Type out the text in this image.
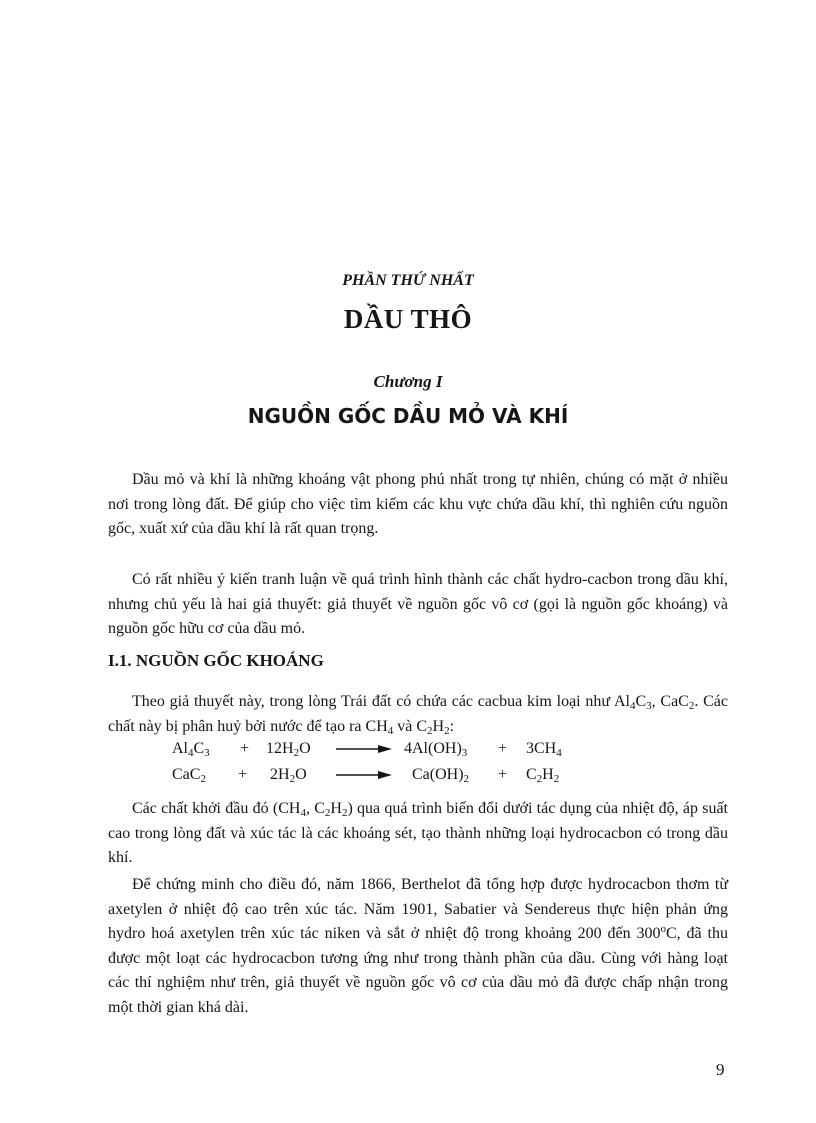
PHẦN THỨ NHẤT
DẦU THÔ
Chương I
NGUỒN GỐC DẦU MỎ VÀ KHÍ

Dầu mỏ và khí là những khoáng vật phong phú nhất trong tự nhiên, chúng có mặt ở nhiều nơi trong lòng đất. Để giúp cho việc tìm kiếm các khu vực chứa dầu khí, thì nghiên cứu nguồn gốc, xuất xứ của dầu khí là rất quan trọng.

Có rất nhiều ý kiến tranh luận về quá trình hình thành các chất hydro-cacbon trong dầu khí, nhưng chủ yếu là hai giả thuyết: giả thuyết về nguồn gốc vô cơ (gọi là nguồn gốc khoáng) và nguồn gốc hữu cơ của dầu mỏ.

I.1. NGUỒN GỐC KHOÁNG

Theo giả thuyết này, trong lòng Trái đất có chứa các cacbua kim loại như $Al_4C_3$, CaC$_2$. Các chất này bị phân huỷ bởi nước để tạo ra $CH_4$ và $C_2H_2$:

$Al_4C_3 + 12H_2O \to 4Al(OH)_3 + 3CH_4$
$CaC_2 + 2H_2O \to Ca(OH)_2 + C_2H_2$

Các chất khởi đầu đó ($CH_4$, $C_2H_2$) qua quá trình biến đổi dưới tác dụng của nhiệt độ, áp suất cao trong lòng đất và xúc tác là các khoáng sét, tạo thành những loại hydrocacbon có trong dầu khí.

Để chứng minh cho điều đó, năm 1866, Berthelot đã tổng hợp được hydrocacbon thơm từ axetylen ở nhiệt độ cao trên xúc tác. Năm 1901, Sabatier và Sendereus thực hiện phản ứng hydro hoá axetylen trên xúc tác niken và sắt ở nhiệt độ trong khoảng 200 đến 300$^o$C, đã thu được một loạt các hydrocacbon tương ứng như trong thành phần của dầu. Cùng với hàng loạt các thí nghiệm như trên, giả thuyết về nguồn gốc vô cơ của dầu mỏ đã được chấp nhận trong một thời gian khá dài.

9
